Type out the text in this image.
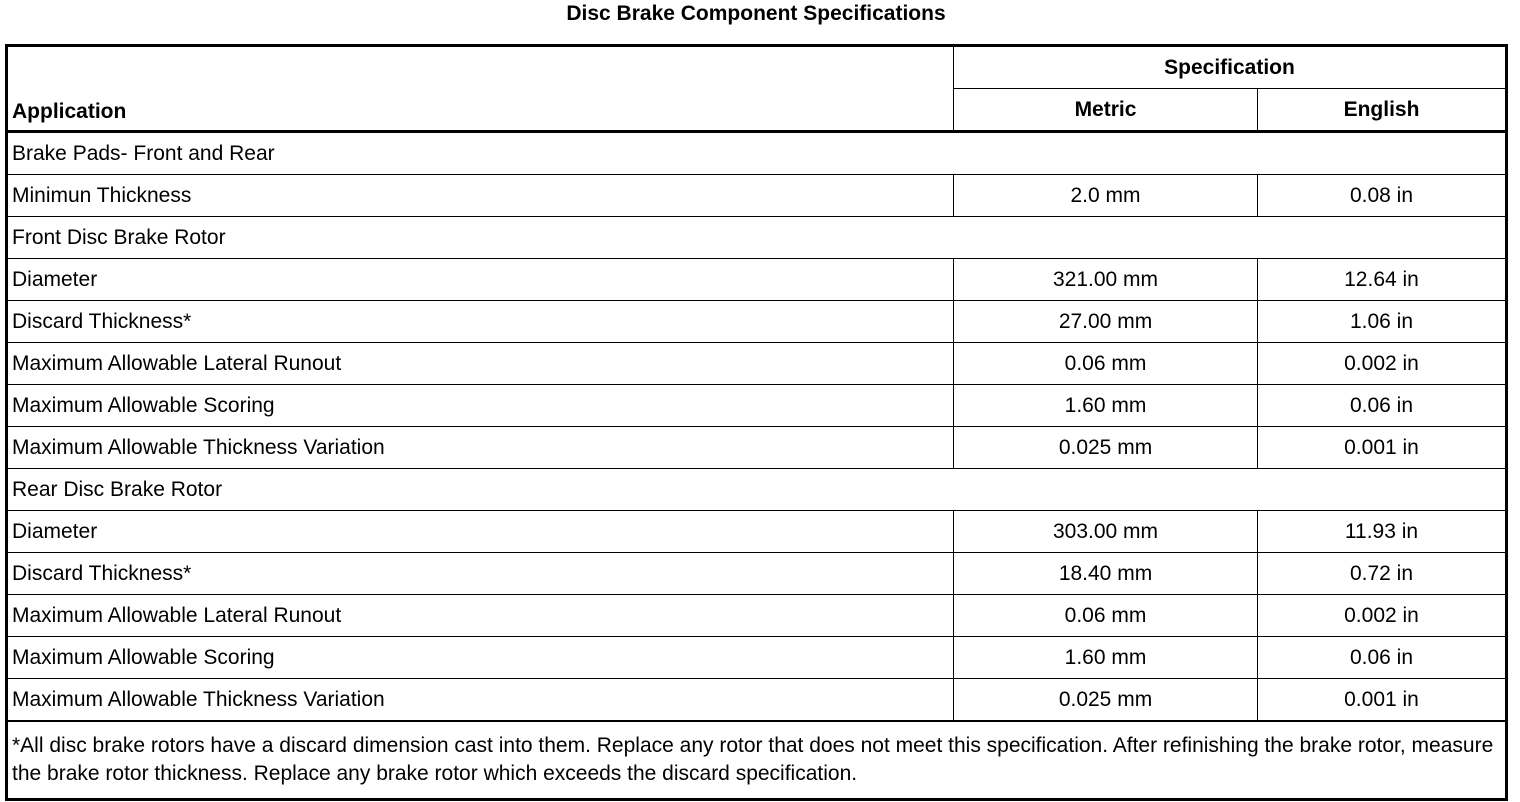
Disc Brake Component Specifications
Application	Specification	
	Metric	English
Brake Pads- Front and Rear		
Minimun Thickness	2.0 mm	0.08 in
Front Disc Brake Rotor		
Diameter	321.00 mm	12.64 in
Discard Thickness*	27.00 mm	1.06 in
Maximum Allowable Lateral Runout	0.06 mm	0.002 in
Maximum Allowable Scoring	1.60 mm	0.06 in
Maximum Allowable Thickness Variation	0.025 mm	0.001 in
Rear Disc Brake Rotor		
Diameter	303.00 mm	11.93 in
Discard Thickness*	18.40 mm	0.72 in
Maximum Allowable Lateral Runout	0.06 mm	0.002 in
Maximum Allowable Scoring	1.60 mm	0.06 in
Maximum Allowable Thickness Variation	0.025 mm	0.001 in
*All disc brake rotors have a discard dimension cast into them. Replace any rotor that does not meet this specification. After refinishing the brake rotor, measure the brake rotor thickness. Replace any brake rotor which exceeds the discard specification.		
